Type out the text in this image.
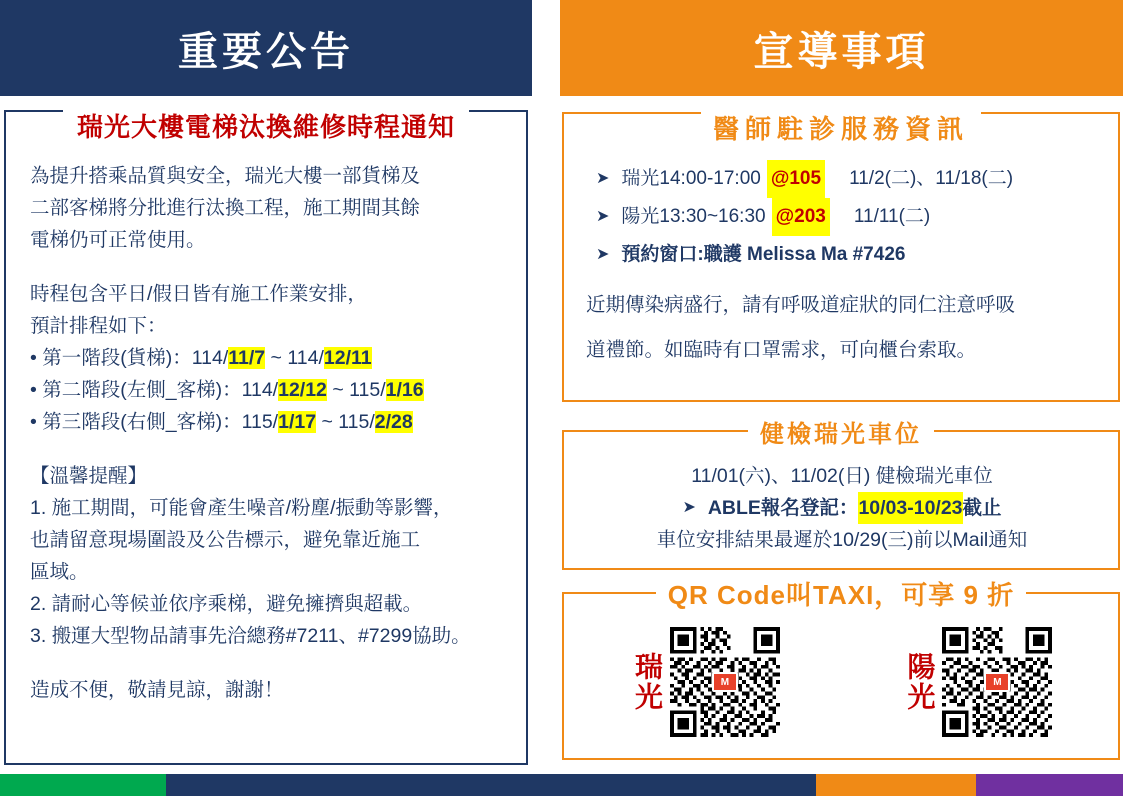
重要公告	宣導事項
瑞光大樓電梯汰換維修時程通知

為提升搭乘品質與安全，瑞光大樓一部貨梯及

二部客梯將分批進行汰換工程，施工期間其餘

電梯仍可正常使用。

時程包含平日/假日皆有施工作業安排，

預計排程如下：

• 第一階段(貨梯)：114/11/7 ~ 114/12/11

• 第二階段(左側_客梯)：114/12/12 ~ 115/1/16

• 第三階段(右側_客梯)：115/1/17 ~ 115/2/28

【溫馨提醒】

1. 施工期間，可能會產生噪音/粉塵/振動等影響，

也請留意現場圍設及公告標示，避免靠近施工

區域。

2. 請耐心等候並依序乘梯，避免擁擠與超載。

3. 搬運大型物品請事先洽總務#7211、#7299協助。

造成不便，敬請見諒，謝謝！

醫師駐診服務資訊
➤ 瑞光14:00-17:00 @105 11/2(二)、11/18(二)
➤ 陽光13:30~16:30 @203 11/11(二)
➤ 預約窗口:職護 Melissa Ma #7426
近期傳染病盛行，請有呼吸道症狀的同仁注意呼吸
道禮節。如臨時有口罩需求，可向櫃台索取。
健檢瑞光車位
11/01(六)、11/02(日) 健檢瑞光車位
➤ ABLE報名登記： 10/03-10/23 截止
車位安排結果最遲於10/29(三)前以Mail通知
QR Code叫TAXI，可享 9 折
瑞光	M	陽光	M
